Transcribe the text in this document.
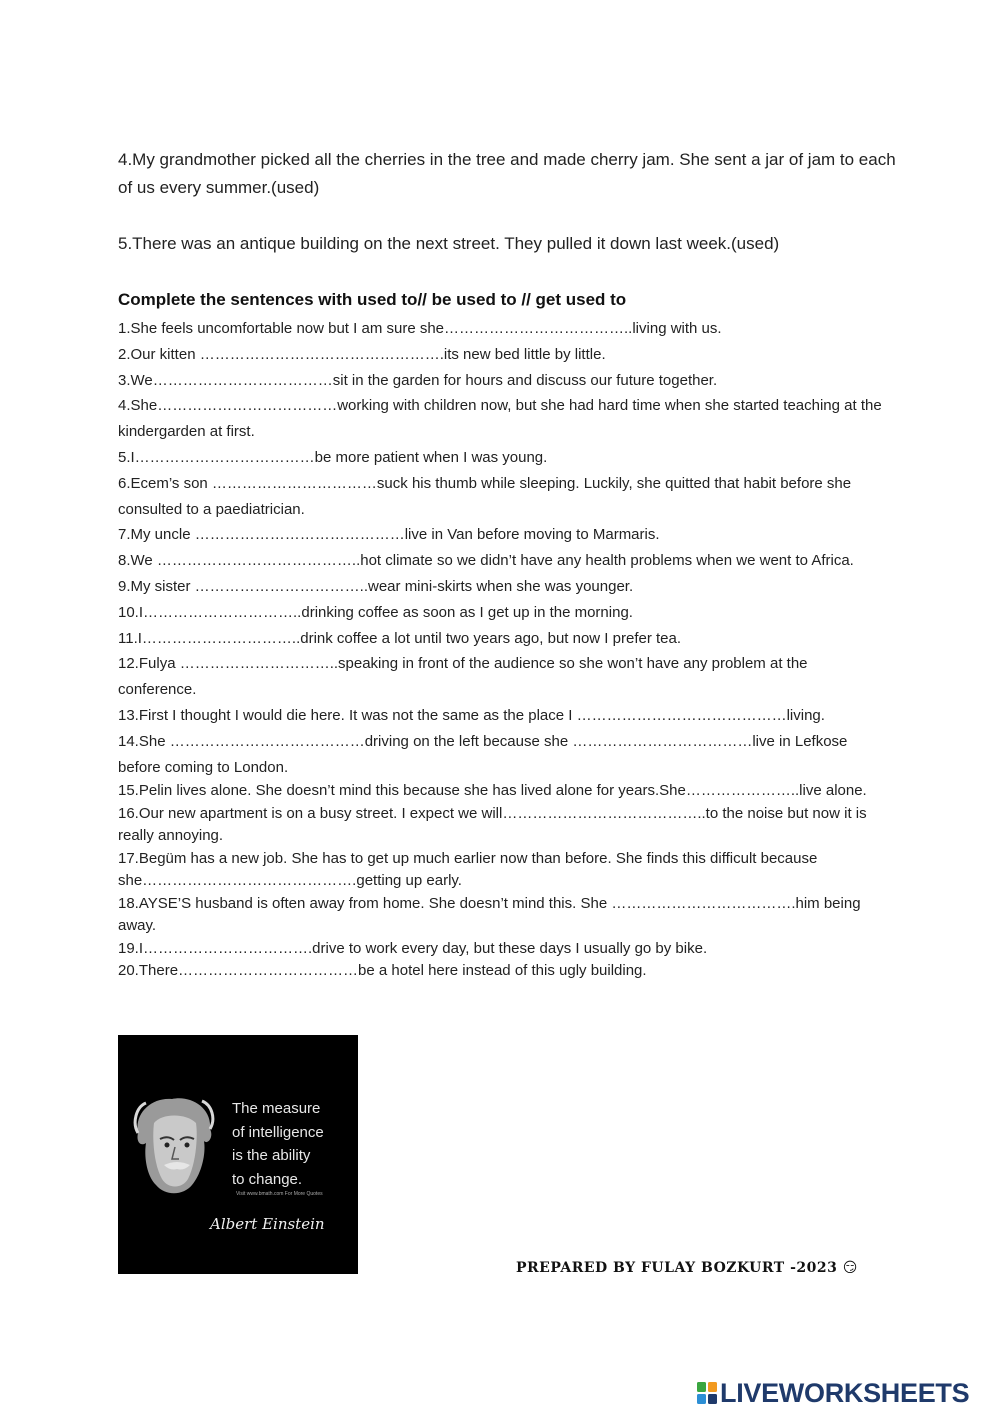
4.My grandmother picked all the cherries in the tree and made cherry jam. She sent a jar of jam to each of us every summer.(used)

5.There was an antique building on the next street. They pulled it down last week.(used)

Complete the sentences with used to// be used to // get used to

1.She feels uncomfortable now but I am sure she………………………………..living with us.

2.Our kitten ………………………………………….its new bed little by little.

3.We………………………………sit in the garden for hours and discuss our future together.

4.She………………………………working with children now, but she had hard time when she started teaching at the kindergarden at first.

5.I………………………………be more patient when I was young.

6.Ecem’s son ……………………………suck his thumb while sleeping. Luckily, she quitted that habit before she consulted to a paediatrician.

7.My uncle ……………………………………live in Van before moving to Marmaris.

8.We …………………………………..hot climate so we didn’t have any health problems when we went to Africa.

9.My sister ……………………………..wear mini-skirts when she was younger.

10.I…………………………..drinking coffee as soon as I get up in the morning.

11.I…………………………..drink coffee a lot until two years ago, but now I prefer tea.

12.Fulya …………………………..speaking in front of the audience so she won’t have any problem at the conference.

13.First I thought I would die here. It was not the same as the place I ……………………………………living.

14.She …………………………………driving on the left because she ………………………………live in Lefkose before coming to London.

15.Pelin lives alone. She doesn’t mind this because she has lived alone for years.She…………………..live alone.

16.Our new apartment is on a busy street. I expect we will…………………………………..to the noise but now it is really annoying.

17.Begüm has a new job. She has to get up much earlier now than before. She finds this difficult because she…………………………………….getting up early.

18.AYSE’S husband is often away from home. She doesn’t mind this. She ……………………………….him being away.

19.I…………………………….drive to work every day, but these days I usually go by bike.

20.There………………………………be a hotel here instead of this ugly building.

The measure
of intelligence
is the ability
to change.
Visit www.bmath.com For More Quotes
Albert Einstein
PREPARED BY FULAY BOZKURT -2023 😏
LIVEWORKSHEETS
